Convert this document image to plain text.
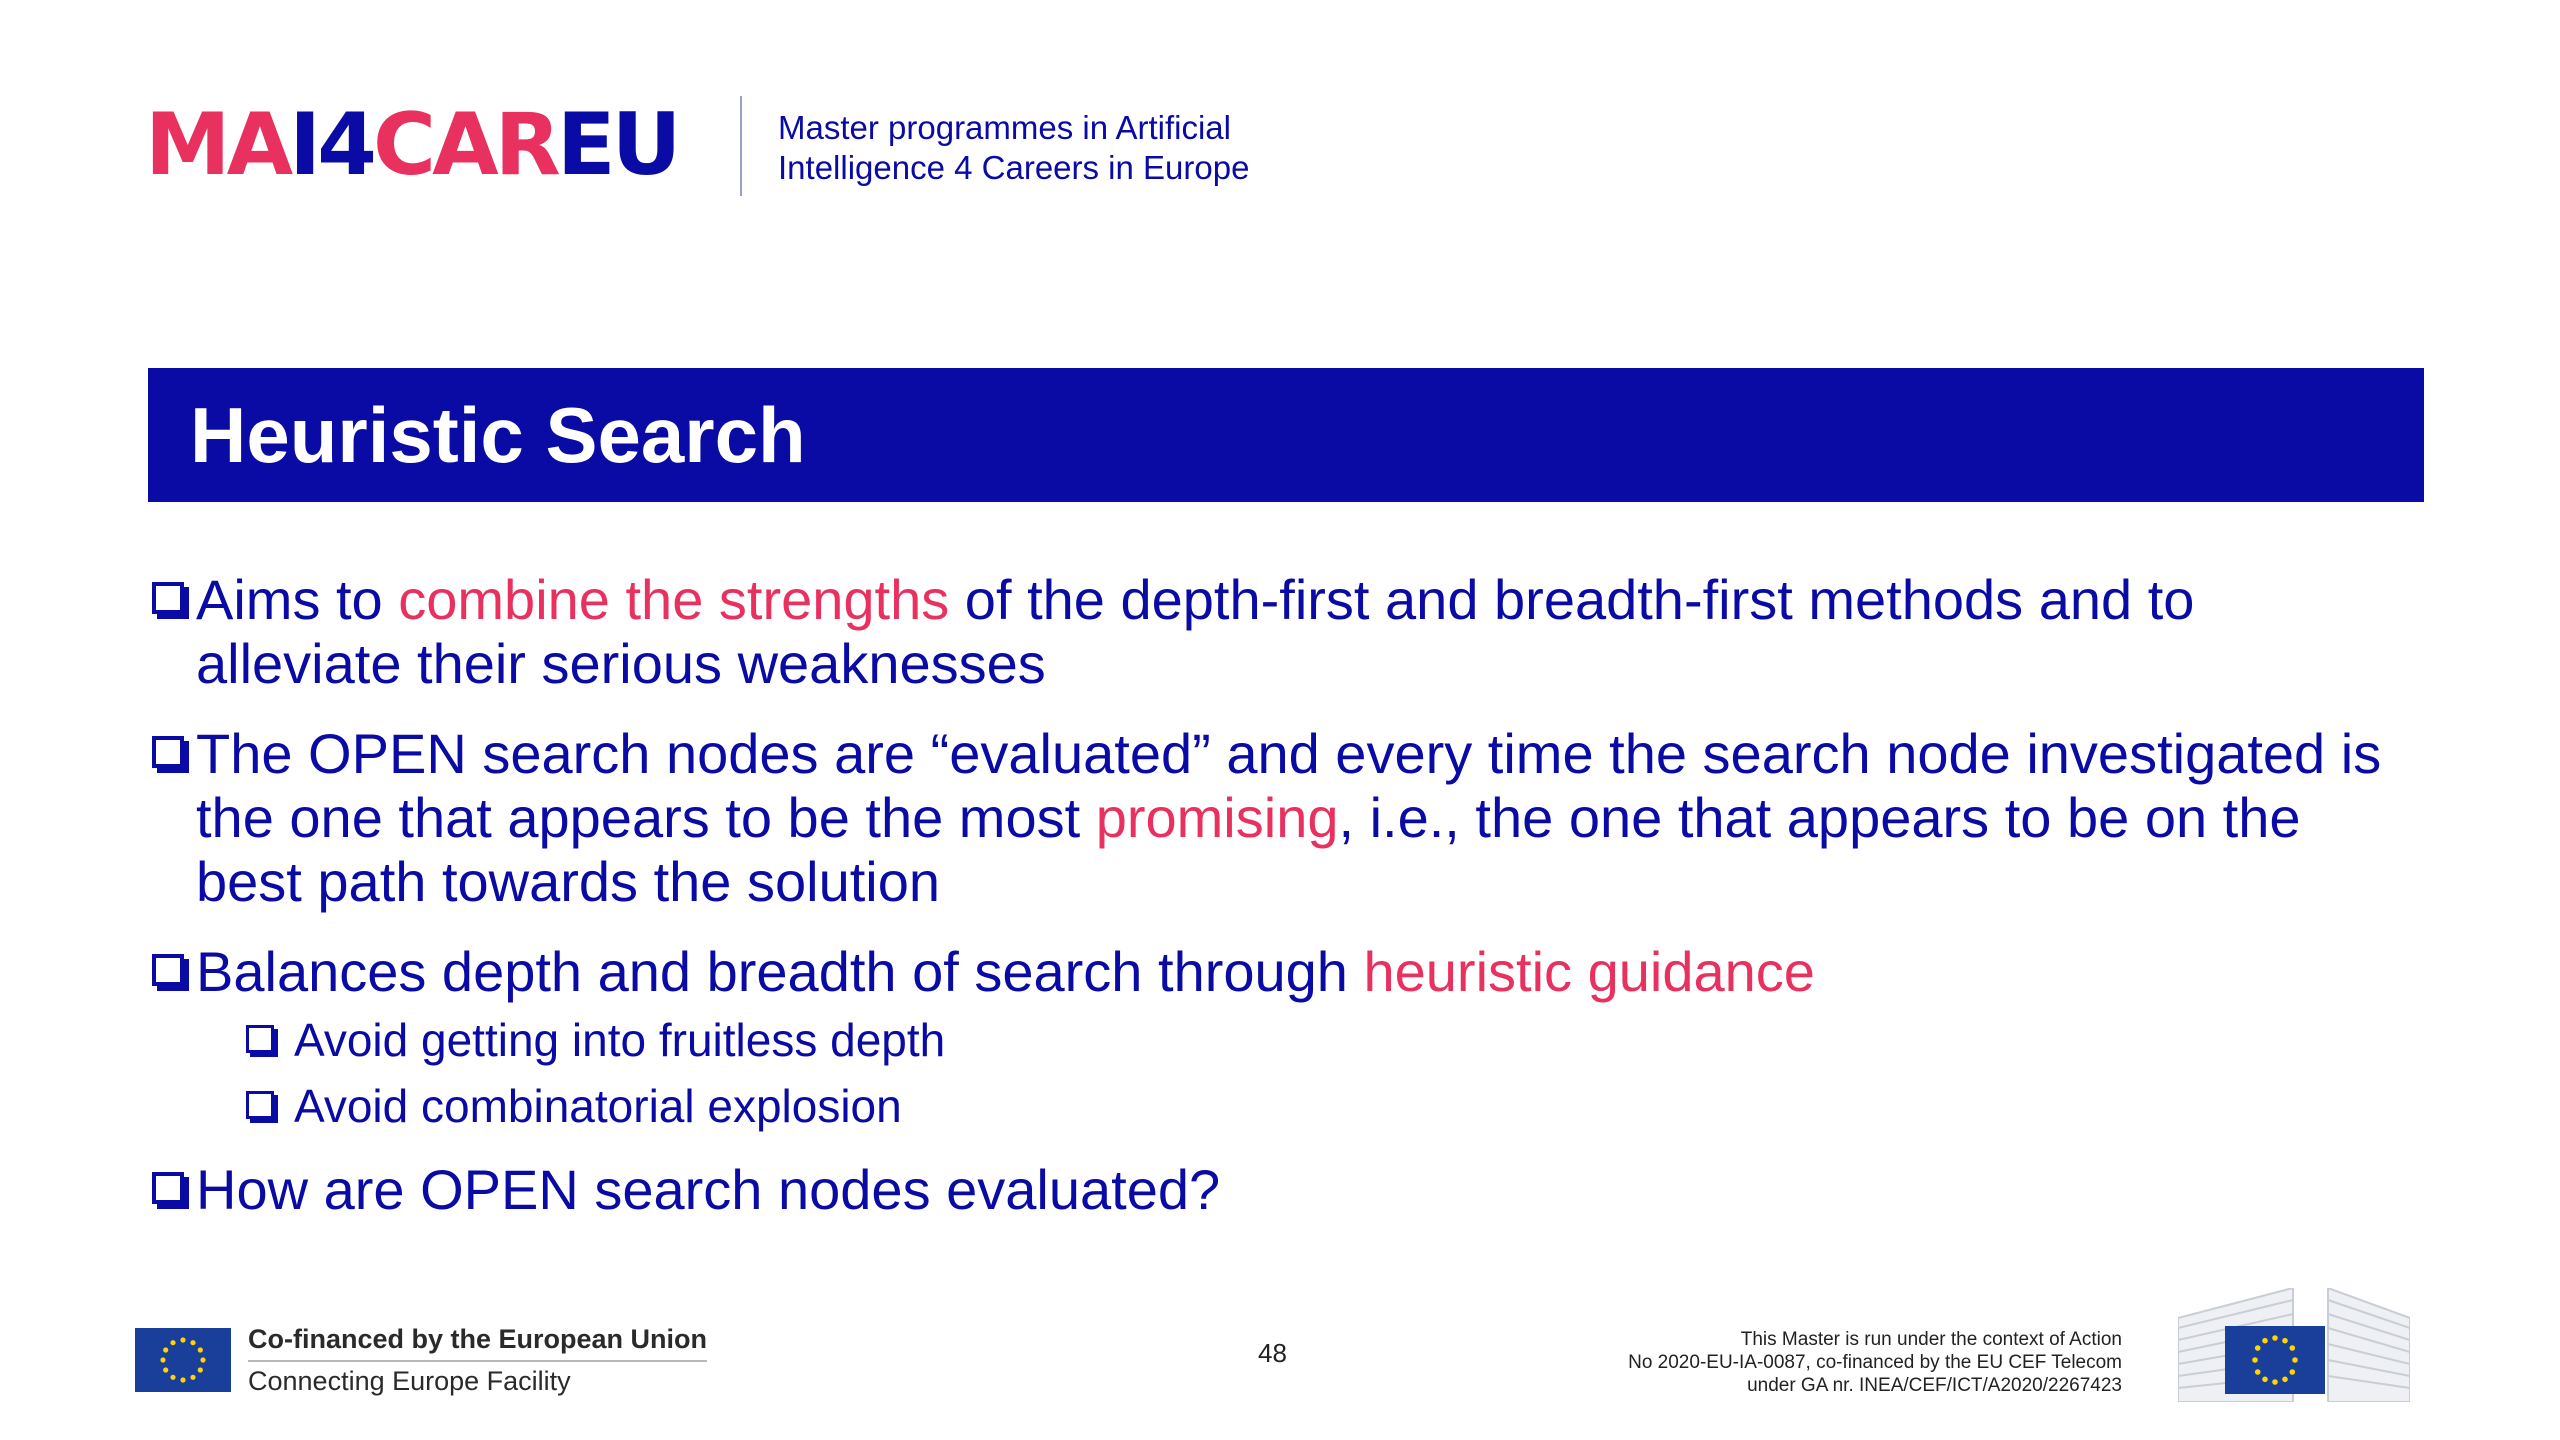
MA I4 CAR EU	Master programmes in Artificial
Intelligence 4 Careers in Europe
Heuristic Search
Aims to combine the strengths of the depth-first and breadth-first methods and to alleviate their serious weaknesses
The OPEN search nodes are “evaluated” and every time the search node investigated is the one that appears to be the most promising, i.e., the one that appears to be on the best path towards the solution
Balances depth and breadth of search through heuristic guidance
Avoid getting into fruitless depth
Avoid combinatorial explosion
How are OPEN search nodes evaluated?
Co-financed by the European Union
Connecting Europe Facility
48	This Master is run under the context of Action
No 2020-EU-IA-0087, co-financed by the EU CEF Telecom
under GA nr. INEA/CEF/ICT/A2020/2267423
